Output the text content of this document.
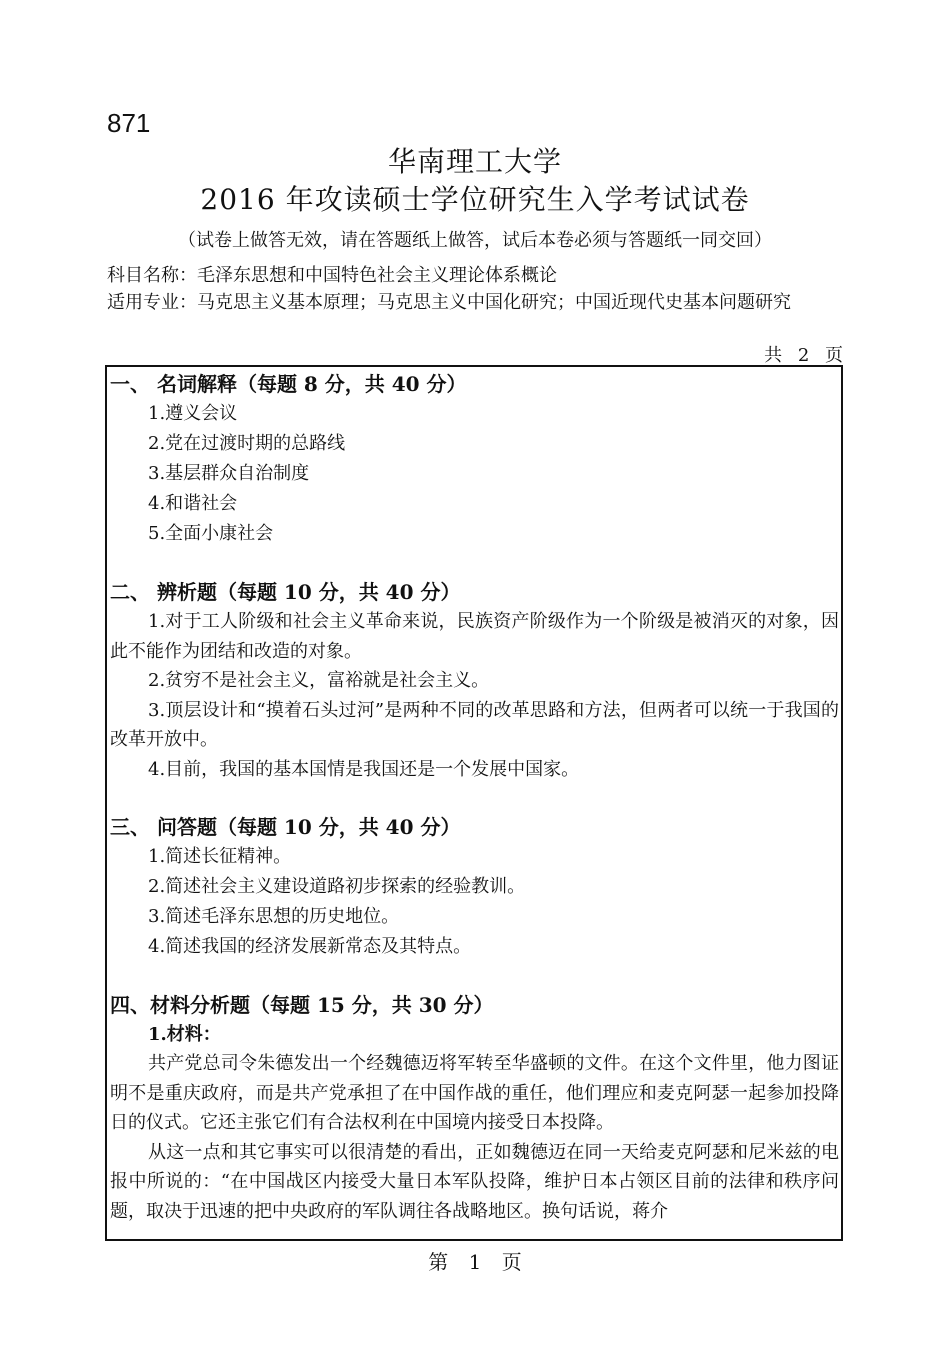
871
华南理工大学
2016 年攻读硕士学位研究生入学考试试卷
（试卷上做答无效，请在答题纸上做答，试后本卷必须与答题纸一同交回）
科目名称：毛泽东思想和中国特色社会主义理论体系概论
适用专业：马克思主义基本原理；马克思主义中国化研究；中国近现代史基本问题研究
共 2 页

一、 名词解释（每题 8 分，共 40 分）

1.遵义会议

2.党在过渡时期的总路线

3.基层群众自治制度

4.和谐社会

5.全面小康社会

二、 辨析题（每题 10 分，共 40 分）

1.对于工人阶级和社会主义革命来说，民族资产阶级作为一个阶级是被消灭的对象，因此不能作为团结和改造的对象。

2.贫穷不是社会主义，富裕就是社会主义。

3.顶层设计和“摸着石头过河”是两种不同的改革思路和方法，但两者可以统一于我国的改革开放中。

4.目前，我国的基本国情是我国还是一个发展中国家。

三、 问答题（每题 10 分，共 40 分）

1.简述长征精神。

2.简述社会主义建设道路初步探索的经验教训。

3.简述毛泽东思想的历史地位。

4.简述我国的经济发展新常态及其特点。

四、材料分析题（每题 15 分，共 30 分）

1.材料：

共产党总司令朱德发出一个经魏德迈将军转至华盛顿的文件。在这个文件里，他力图证明不是重庆政府，而是共产党承担了在中国作战的重任，他们理应和麦克阿瑟一起参加投降日的仪式。它还主张它们有合法权利在中国境内接受日本投降。

从这一点和其它事实可以很清楚的看出，正如魏德迈在同一天给麦克阿瑟和尼米兹的电报中所说的：“在中国战区内接受大量日本军队投降，维护日本占领区目前的法律和秩序问题，取决于迅速的把中央政府的军队调往各战略地区。换句话说，蒋介

第 1 页
